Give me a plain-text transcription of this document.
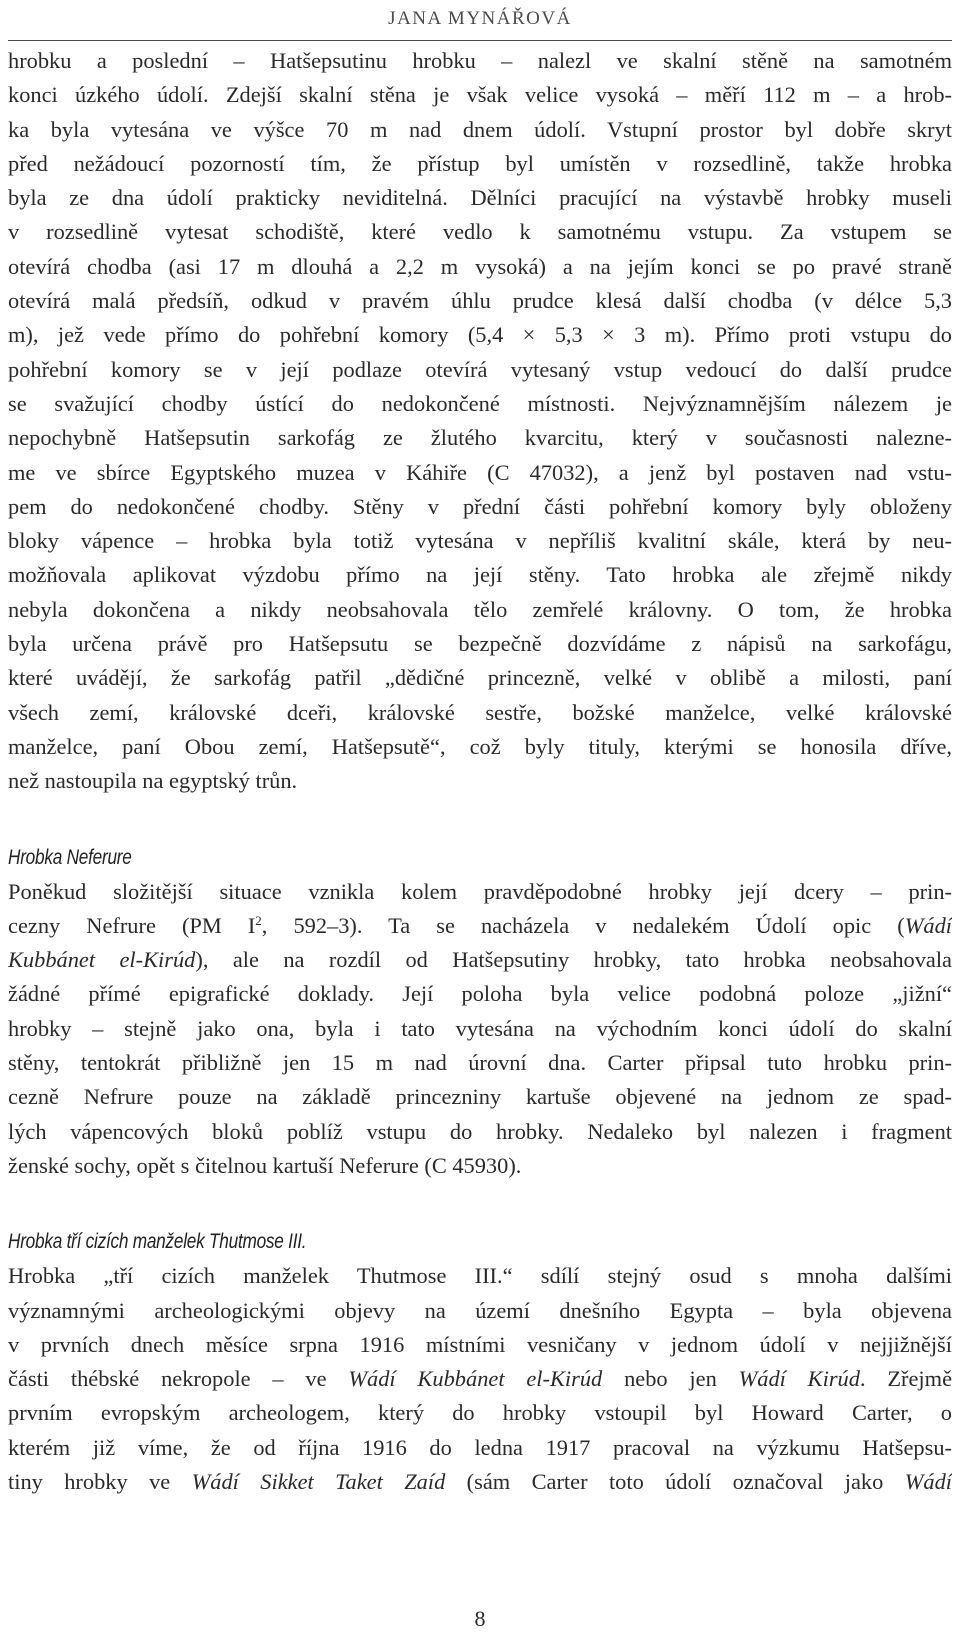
JANA MYNÁŘOVÁ
hrobku a poslední – Hatšepsutinu hrobku – nalezl ve skalní stěně na samotném
konci úzkého údolí. Zdejší skalní stěna je však velice vysoká – měří 112 m – a hrob-
ka byla vytesána ve výšce 70 m nad dnem údolí. Vstupní prostor byl dobře skryt
před nežádoucí pozorností tím, že přístup byl umístěn v rozsedlině, takže hrobka
byla ze dna údolí prakticky neviditelná. Dělníci pracující na výstavbě hrobky museli
v rozsedlině vytesat schodiště, které vedlo k samotnému vstupu. Za vstupem se
otevírá chodba (asi 17 m dlouhá a 2,2 m vysoká) a na jejím konci se po pravé straně
otevírá malá předsíň, odkud v pravém úhlu prudce klesá další chodba (v délce 5,3
m), jež vede přímo do pohřební komory (5,4 × 5,3 × 3 m). Přímo proti vstupu do
pohřební komory se v její podlaze otevírá vytesaný vstup vedoucí do další prudce
se svažující chodby ústící do nedokončené místnosti. Nejvýznamnějším nálezem je
nepochybně Hatšepsutin sarkofág ze žlutého kvarcitu, který v současnosti nalezne-
me ve sbírce Egyptského muzea v Káhiře (C 47032), a jenž byl postaven nad vstu-
pem do nedokončené chodby. Stěny v přední části pohřební komory byly obloženy
bloky vápence – hrobka byla totiž vytesána v nepříliš kvalitní skále, která by neu-
možňovala aplikovat výzdobu přímo na její stěny. Tato hrobka ale zřejmě nikdy
nebyla dokončena a nikdy neobsahovala tělo zemřelé královny. O tom, že hrobka
byla určena právě pro Hatšepsutu se bezpečně dozvídáme z nápisů na sarkofágu,
které uvádějí, že sarkofág patřil „dědičné princezně, velké v oblibě a milosti, paní
všech zemí, královské dceři, královské sestře, božské manželce, velké královské
manželce, paní Obou zemí, Hatšepsutě“, což byly tituly, kterými se honosila dříve,
než nastoupila na egyptský trůn.
Hrobka Neferure
Poněkud složitější situace vznikla kolem pravděpodobné hrobky její dcery – prin-
cezny Nefrure (PM $I^2$, 592–3). Ta se nacházela v nedalekém Údolí opic (Wádí
Kubbánet el-Kirúd), ale na rozdíl od Hatšepsutiny hrobky, tato hrobka neobsahovala
žádné přímé epigrafické doklady. Její poloha byla velice podobná poloze „jižní“
hrobky – stejně jako ona, byla i tato vytesána na východním konci údolí do skalní
stěny, tentokrát přibližně jen 15 m nad úrovní dna. Carter připsal tuto hrobku prin-
cezně Nefrure pouze na základě princezniny kartuše objevené na jednom ze spad-
lých vápencových bloků poblíž vstupu do hrobky. Nedaleko byl nalezen i fragment
ženské sochy, opět s čitelnou kartuší Neferure (C 45930).
Hrobka tří cizích manželek Thutmose III.
Hrobka „tří cizích manželek Thutmose III.“ sdílí stejný osud s mnoha dalšími
významnými archeologickými objevy na území dnešního Egypta – byla objevena
v prvních dnech měsíce srpna 1916 místními vesničany v jednom údolí v nejjižnější
části thébské nekropole – ve Wádí Kubbánet el-Kirúd nebo jen Wádí Kirúd. Zřejmě
prvním evropským archeologem, který do hrobky vstoupil byl Howard Carter, o
kterém již víme, že od října 1916 do ledna 1917 pracoval na výzkumu Hatšepsu-
tiny hrobky ve Wádí Sikket Taket Zaíd (sám Carter toto údolí označoval jako Wádí
8
